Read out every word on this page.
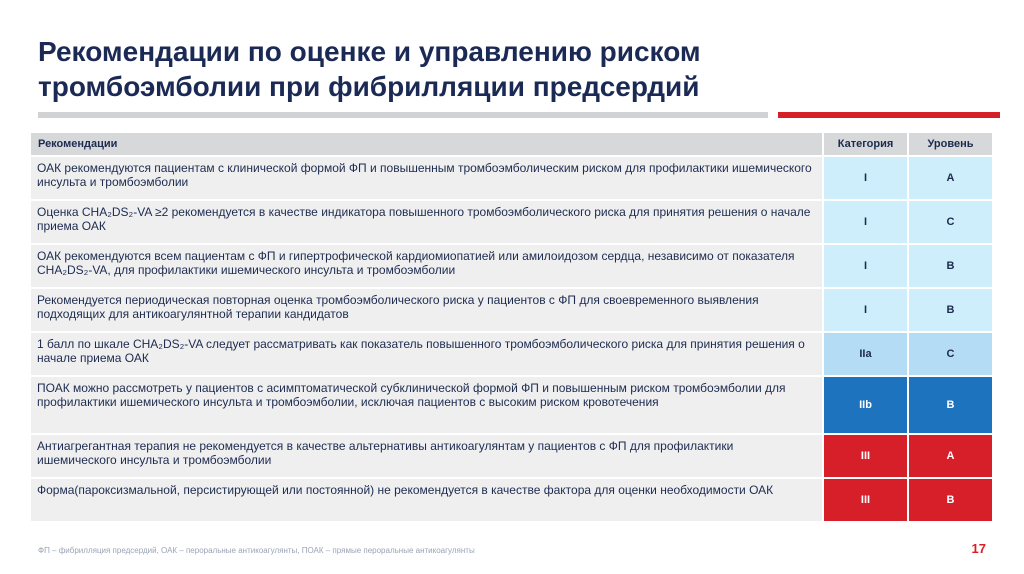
Рекомендации по оценке и управлению риском тромбоэмболии при фибрилляции предсердий
Рекомендации	Категория	Уровень
ОАК рекомендуются пациентам с клинической формой ФП и повышенным тромбоэмболическим риском для профилактики ишемического инсульта и тромбоэмболии	I	A
Оценка CHA₂DS₂-VA ≥2 рекомендуется в качестве индикатора повышенного тромбоэмболического риска для принятия решения о начале приема ОАК	I	C
ОАК рекомендуются всем пациентам с ФП и гипертрофической кардиомиопатией или амилоидозом сердца, независимо от показателя CHA₂DS₂-VA, для профилактики ишемического инсульта и тромбоэмболии	I	B
Рекомендуется периодическая повторная оценка тромбоэмболического риска у пациентов с ФП для своевременного выявления подходящих для антикоагулянтной терапии кандидатов	I	B
1 балл по шкале CHA₂DS₂-VA следует рассматривать как показатель повышенного тромбоэмболического риска для принятия решения о начале приема ОАК	IIa	C
ПОАК можно рассмотреть у пациентов с асимптоматической субклинической формой ФП и повышенным риском тромбоэмболии для профилактики ишемического инсульта и тромбоэмболии, исключая пациентов с высоким риском кровотечения	IIb	B
Антиагрегантная терапия не рекомендуется в качестве альтернативы антикоагулянтам у пациентов с ФП для профилактики ишемического инсульта и тромбоэмболии	III	A
Форма(пароксизмальной, персистирующей или постоянной) не рекомендуется в качестве фактора для оценки необходимости ОАК	III	B
ФП – фибрилляция предсердий, ОАК – пероральные антикоагулянты, ПОАК – прямые пероральные антикоагулянты	17
